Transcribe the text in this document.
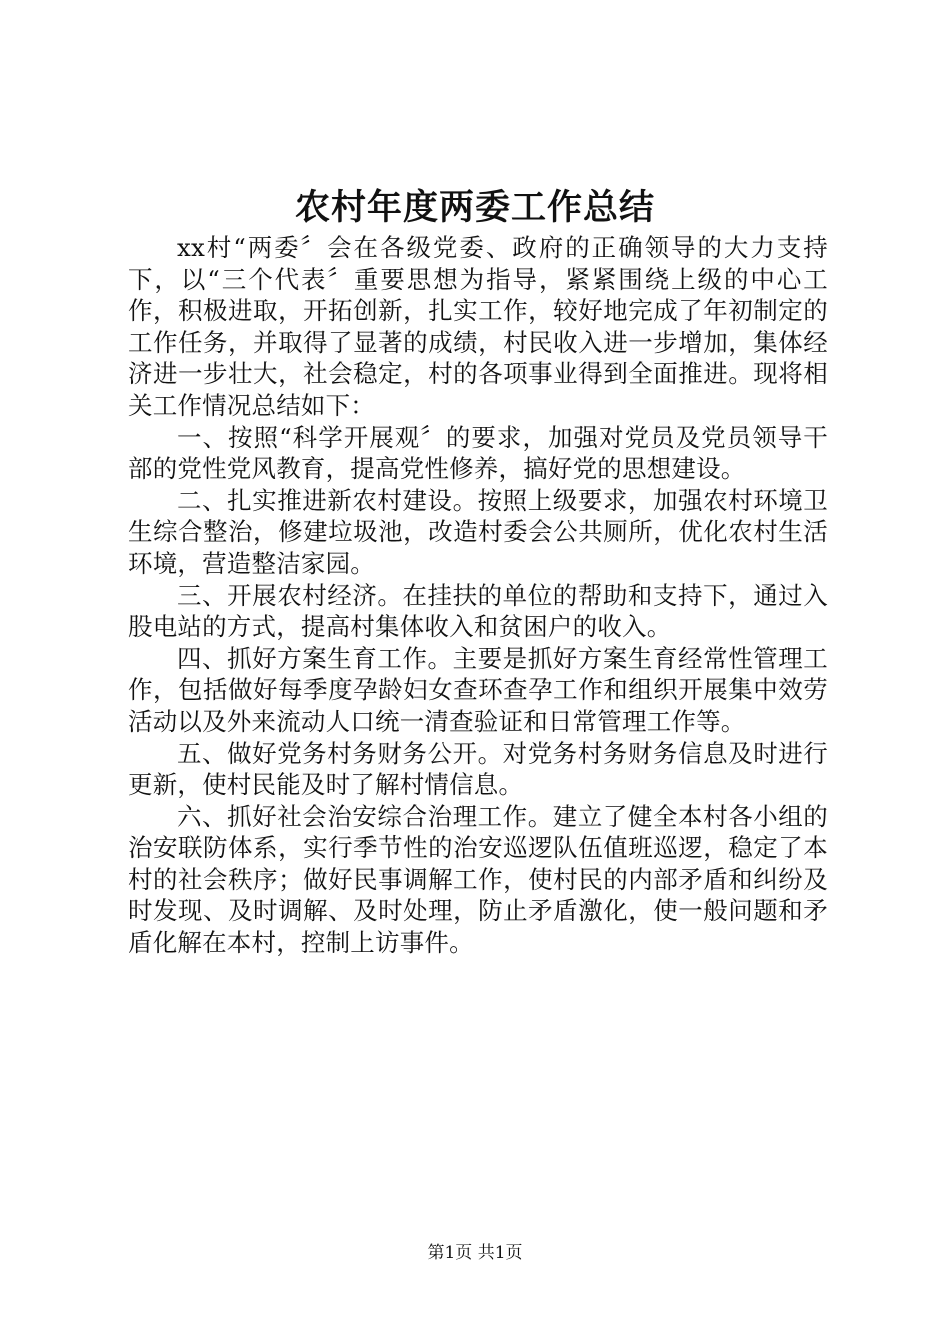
农村年度两委工作总结

xx村“两委〞会在各级党委、政府的正确领导的大力支持下，以“三个代表〞重要思想为指导，紧紧围绕上级的中心工作，积极进取，开拓创新，扎实工作，较好地完成了年初制定的工作任务，并取得了显著的成绩，村民收入进一步增加，集体经济进一步壮大，社会稳定，村的各项事业得到全面推进。现将相关工作情况总结如下：

一、按照“科学开展观〞的要求，加强对党员及党员领导干部的党性党风教育，提高党性修养，搞好党的思想建设。

二、扎实推进新农村建设。按照上级要求，加强农村环境卫生综合整治，修建垃圾池，改造村委会公共厕所，优化农村生活环境，营造整洁家园。

三、开展农村经济。在挂扶的单位的帮助和支持下，通过入股电站的方式，提高村集体收入和贫困户的收入。

四、抓好方案生育工作。主要是抓好方案生育经常性管理工作，包括做好每季度孕龄妇女查环查孕工作和组织开展集中效劳活动以及外来流动人口统一清查验证和日常管理工作等。

五、做好党务村务财务公开。对党务村务财务信息及时进行更新，使村民能及时了解村情信息。

六、抓好社会治安综合治理工作。建立了健全本村各小组的治安联防体系，实行季节性的治安巡逻队伍值班巡逻，稳定了本村的社会秩序；做好民事调解工作，使村民的内部矛盾和纠纷及时发现、及时调解、及时处理，防止矛盾激化，使一般问题和矛盾化解在本村，控制上访事件。

第1页 共1页
